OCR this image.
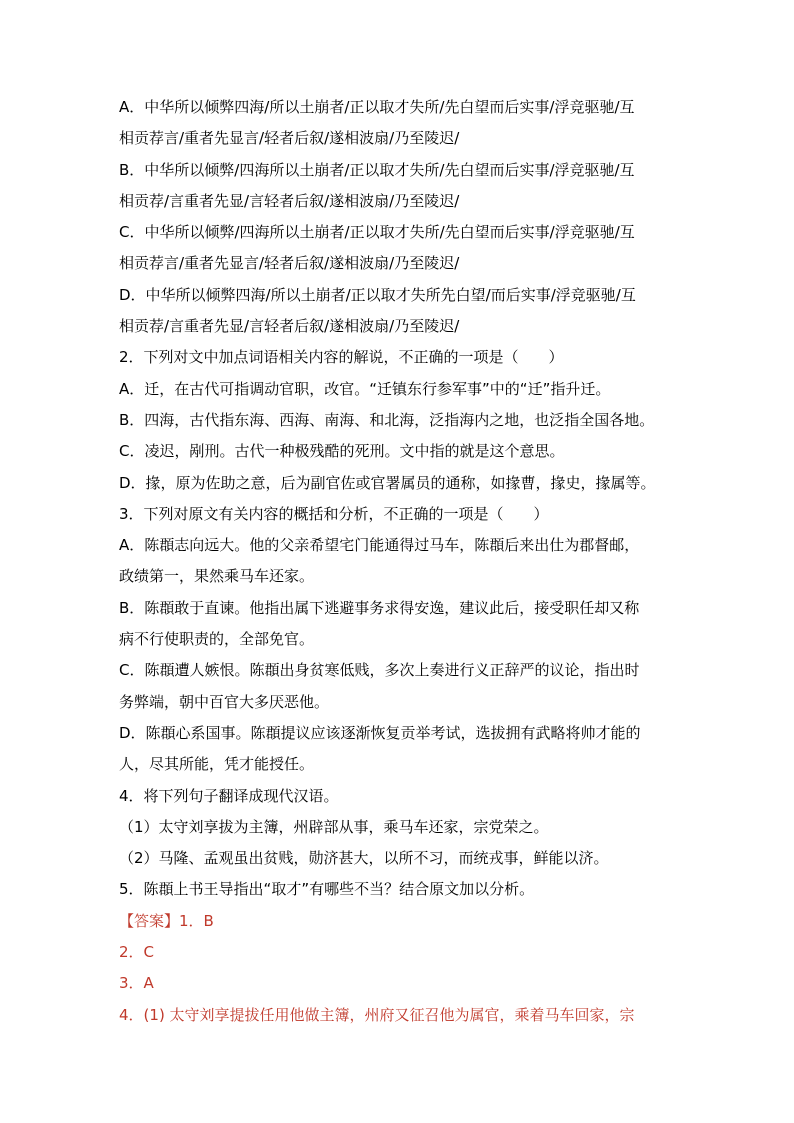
A．中华所以倾弊四海/所以土崩者/正以取才失所/先白望而后实事/浮竞驱驰/互
相贡荐言/重者先显言/轻者后叙/遂相波扇/乃至陵迟/
B．中华所以倾弊/四海所以土崩者/正以取才失所/先白望而后实事/浮竞驱驰/互
相贡荐/言重者先显/言轻者后叙/遂相波扇/乃至陵迟/
C．中华所以倾弊/四海所以土崩者/正以取才失所/先白望而后实事/浮竞驱驰/互
相贡荐言/重者先显言/轻者后叙/遂相波扇/乃至陵迟/
D．中华所以倾弊四海/所以土崩者/正以取才失所先白望/而后实事/浮竞驱驰/互
相贡荐/言重者先显/言轻者后叙/遂相波扇/乃至陵迟/
2．下列对文中加点词语相关内容的解说，不正确的一项是（　　）
A．迁，在古代可指调动官职，改官。“迁镇东行参军事”中的“迁”指升迁。
B．四海，古代指东海、西海、南海、和北海，泛指海内之地，也泛指全国各地。
C．凌迟，剐刑。古代一种极残酷的死刑。文中指的就是这个意思。
D．掾，原为佐助之意，后为副官佐或官署属员的通称，如掾曹，掾史，掾属等。
3．下列对原文有关内容的概括和分析，不正确的一项是（　　）
A．陈頵志向远大。他的父亲希望宅门能通得过马车，陈頵后来出仕为郡督邮，
政绩第一，果然乘马车还家。
B．陈頵敢于直谏。他指出属下逃避事务求得安逸，建议此后，接受职任却又称
病不行使职责的，全部免官。
C．陈頵遭人嫉恨。陈頵出身贫寒低贱，多次上奏进行义正辞严的议论，指出时
务弊端，朝中百官大多厌恶他。
D．陈頵心系国事。陈頵提议应该逐渐恢复贡举考试，选拔拥有武略将帅才能的
人，尽其所能，凭才能授任。
4．将下列句子翻译成现代汉语。
（1）太守刘享拔为主簿，州辟部从事，乘马车还家，宗党荣之。
（2）马隆、孟观虽出贫贱，勋济甚大，以所不习，而统戎事，鲜能以济。
5．陈頵上书王导指出“取才”有哪些不当？结合原文加以分析。
【答案】1．B
2．C
3．A
4．(1) 太守刘享提拔任用他做主簿，州府又征召他为属官，乘着马车回家，宗
